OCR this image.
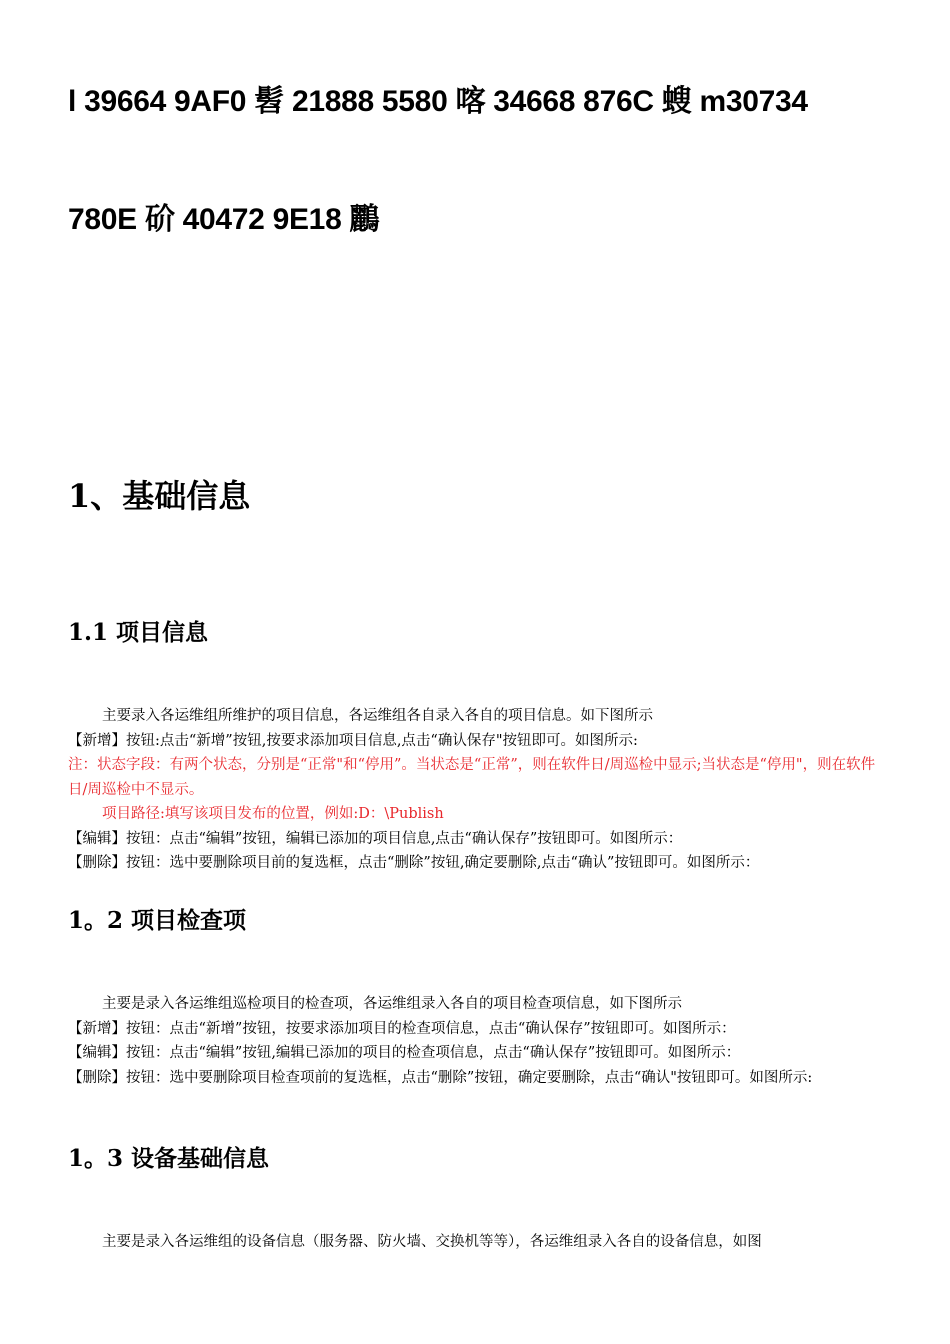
l 39664 9AF0 髫 21888 5580 喀 34668 876C 螋 m30734
780E 砎 40472 9E18 鸝
1、基础信息
1.1 项目信息

主要录入各运维组所维护的项目信息，各运维组各自录入各自的项目信息。如下图所示

【新增】按钮:点击“新增”按钮,按要求添加项目信息,点击“确认保存"按钮即可。如图所示:

注：状态字段：有两个状态，分别是“正常"和“停用”。当状态是“正常”，则在软件日/周巡检中显示;当状态是“停用"，则在软件日/周巡检中不显示。

项目路径:填写该项目发布的位置，例如:D：\Publish

【编辑】按钮：点击“编辑”按钮，编辑已添加的项目信息,点击“确认保存”按钮即可。如图所示：

【删除】按钮：选中要删除项目前的复选框，点击“删除”按钮,确定要删除,点击“确认”按钮即可。如图所示：

1。2 项目检查项

主要是录入各运维组巡检项目的检查项，各运维组录入各自的项目检查项信息，如下图所示

【新增】按钮：点击“新增”按钮，按要求添加项目的检查项信息，点击“确认保存”按钮即可。如图所示：

【编辑】按钮：点击“编辑”按钮,编辑已添加的项目的检查项信息，点击“确认保存”按钮即可。如图所示：

【删除】按钮：选中要删除项目检查项前的复选框，点击“删除”按钮，确定要删除，点击“确认"按钮即可。如图所示:

1。3 设备基础信息

主要是录入各运维组的设备信息（服务器、防火墙、交换机等等），各运维组录入各自的设备信息，如图
